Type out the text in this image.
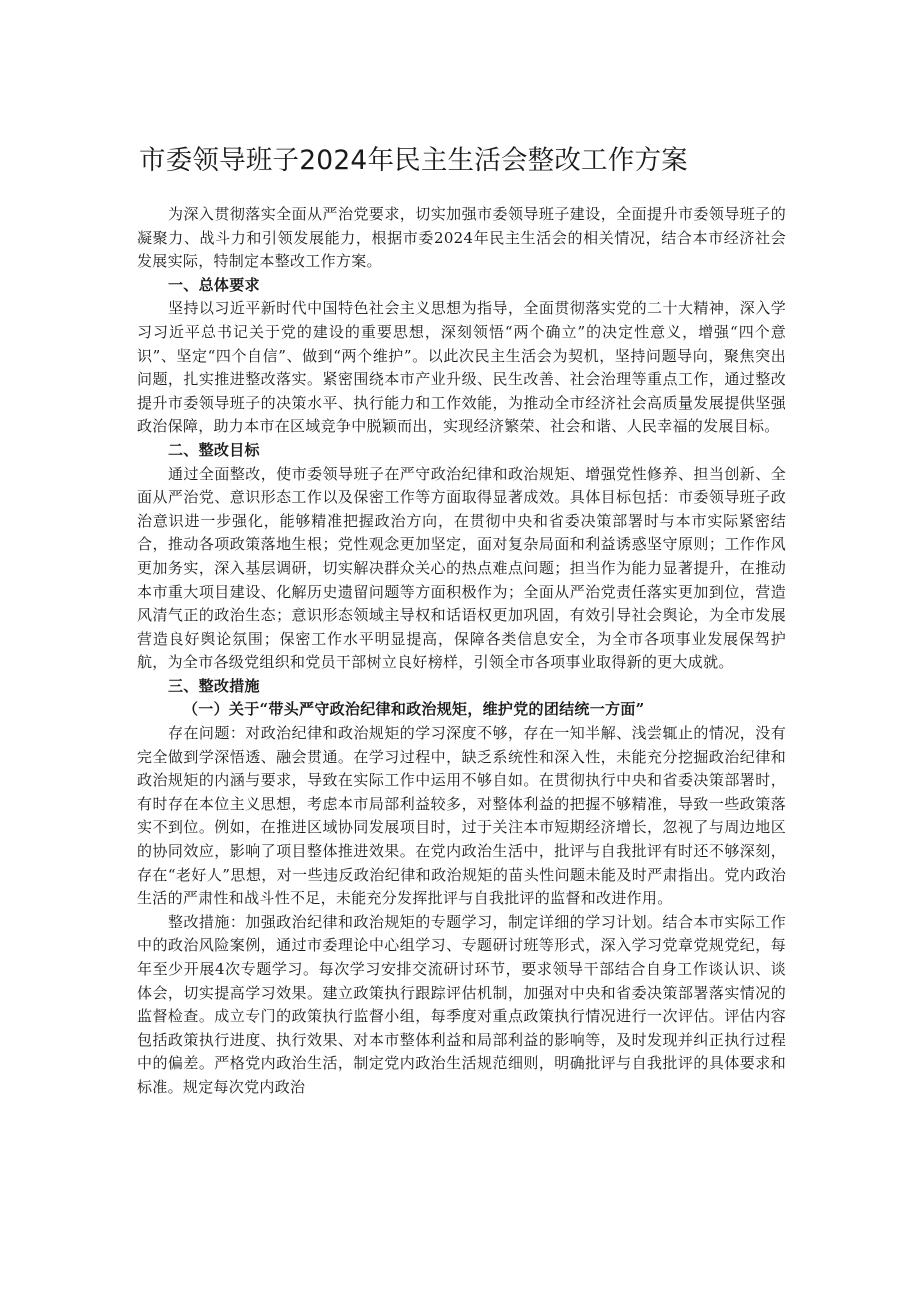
市委领导班子2024年民主生活会整改工作方案

为深入贯彻落实全面从严治党要求，切实加强市委领导班子建设，全面提升市委领导班子的凝聚力、战斗力和引领发展能力，根据市委2024年民主生活会的相关情况，结合本市经济社会发展实际，特制定本整改工作方案。

一、总体要求

坚持以习近平新时代中国特色社会主义思想为指导，全面贯彻落实党的二十大精神，深入学习习近平总书记关于党的建设的重要思想，深刻领悟“两个确立”的决定性意义，增强“四个意识”、坚定“四个自信”、做到“两个维护”。以此次民主生活会为契机，坚持问题导向，聚焦突出问题，扎实推进整改落实。紧密围绕本市产业升级、民生改善、社会治理等重点工作，通过整改提升市委领导班子的决策水平、执行能力和工作效能，为推动全市经济社会高质量发展提供坚强政治保障，助力本市在区域竞争中脱颖而出，实现经济繁荣、社会和谐、人民幸福的发展目标。

二、整改目标

通过全面整改，使市委领导班子在严守政治纪律和政治规矩、增强党性修养、担当创新、全面从严治党、意识形态工作以及保密工作等方面取得显著成效。具体目标包括：市委领导班子政治意识进一步强化，能够精准把握政治方向，在贯彻中央和省委决策部署时与本市实际紧密结合，推动各项政策落地生根；党性观念更加坚定，面对复杂局面和利益诱惑坚守原则；工作作风更加务实，深入基层调研，切实解决群众关心的热点难点问题；担当作为能力显著提升，在推动本市重大项目建设、化解历史遗留问题等方面积极作为；全面从严治党责任落实更加到位，营造风清气正的政治生态；意识形态领域主导权和话语权更加巩固，有效引导社会舆论，为全市发展营造良好舆论氛围；保密工作水平明显提高，保障各类信息安全，为全市各项事业发展保驾护航，为全市各级党组织和党员干部树立良好榜样，引领全市各项事业取得新的更大成就。

三、整改措施

（一）关于“带头严守政治纪律和政治规矩，维护党的团结统一方面”

存在问题：对政治纪律和政治规矩的学习深度不够，存在一知半解、浅尝辄止的情况，没有完全做到学深悟透、融会贯通。在学习过程中，缺乏系统性和深入性，未能充分挖掘政治纪律和政治规矩的内涵与要求，导致在实际工作中运用不够自如。在贯彻执行中央和省委决策部署时，有时存在本位主义思想，考虑本市局部利益较多，对整体利益的把握不够精准，导致一些政策落实不到位。例如，在推进区域协同发展项目时，过于关注本市短期经济增长，忽视了与周边地区的协同效应，影响了项目整体推进效果。在党内政治生活中，批评与自我批评有时还不够深刻，存在“老好人”思想，对一些违反政治纪律和政治规矩的苗头性问题未能及时严肃指出。党内政治生活的严肃性和战斗性不足，未能充分发挥批评与自我批评的监督和改进作用。

整改措施：加强政治纪律和政治规矩的专题学习，制定详细的学习计划。结合本市实际工作中的政治风险案例，通过市委理论中心组学习、专题研讨班等形式，深入学习党章党规党纪，每年至少开展4次专题学习。每次学习安排交流研讨环节，要求领导干部结合自身工作谈认识、谈体会，切实提高学习效果。建立政策执行跟踪评估机制，加强对中央和省委决策部署落实情况的监督检查。成立专门的政策执行监督小组，每季度对重点政策执行情况进行一次评估。评估内容包括政策执行进度、执行效果、对本市整体利益和局部利益的影响等，及时发现并纠正执行过程中的偏差。严格党内政治生活，制定党内政治生活规范细则，明确批评与自我批评的具体要求和标准。规定每次党内政治
